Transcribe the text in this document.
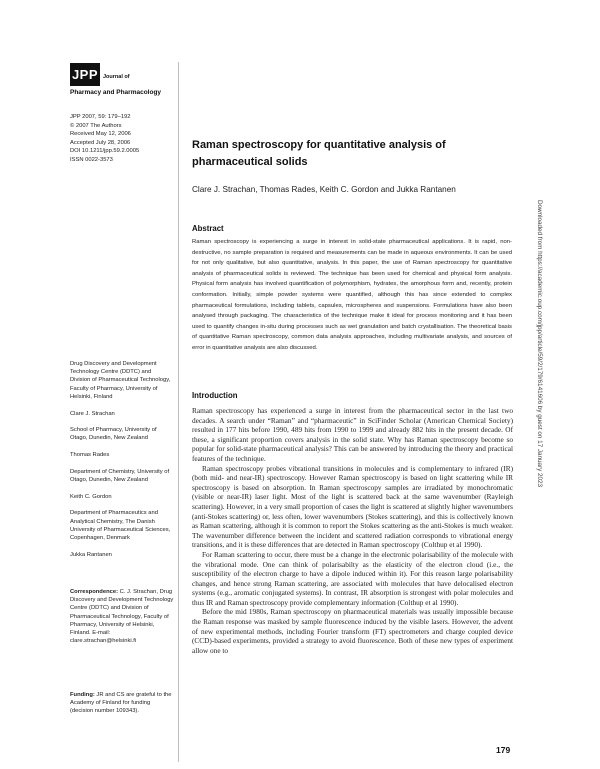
JPP Journal of
Pharmacy and Pharmacology
JPP 2007, 59: 179–192
© 2007 The Authors
Received May 12, 2006
Accepted July 28, 2006
DOI 10.1211/jpp.59.2.0005
ISSN 0022-3573
Raman spectroscopy for quantitative analysis of pharmaceutical solids
Clare J. Strachan, Thomas Rades, Keith C. Gordon and Jukka Rantanen
Abstract
Raman spectroscopy is experiencing a surge in interest in solid-state pharmaceutical applications. It is rapid, non-destructive, no sample preparation is required and measurements can be made in aqueous environments. It can be used for not only qualitative, but also quantitative, analysis. In this paper, the use of Raman spectroscopy for quantitative analysis of pharmaceutical solids is reviewed. The technique has been used for chemical and physical form analysis. Physical form analysis has involved quantification of polymorphism, hydrates, the amorphous form and, recently, protein conformation. Initially, simple powder systems were quantified, although this has since extended to complex pharmaceutical formulations, including tablets, capsules, microspheres and suspensions. Formulations have also been analysed through packaging. The characteristics of the technique make it ideal for process monitoring and it has been used to quantify changes in-situ during processes such as wet granulation and batch crystallisation. The theoretical basis of quantitative Raman spectroscopy, common data analysis approaches, including multivariate analysis, and sources of error in quantitative analysis are also discussed.
Drug Discovery and Development Technology Centre (DDTC) and Division of Pharmaceutical Technology, Faculty of Pharmacy, University of Helsinki, Finland
Clare J. Strachan
School of Pharmacy, University of Otago, Dunedin, New Zealand
Thomas Rades
Department of Chemistry, University of Otago, Dunedin, New Zealand
Keith C. Gordon
Department of Pharmaceutics and Analytical Chemistry, The Danish University of Pharmaceutical Sciences, Copenhagen, Denmark
Jukka Rantanen
Correspondence: C. J. Strachan, Drug Discovery and Development Technology Centre (DDTC) and Division of Pharmaceutical Technology, Faculty of Pharmacy, University of Helsinki, Finland. E-mail: clare.strachan@helsinki.fi
Funding: JR and CS are grateful to the Academy of Finland for funding (decision number 109343).
Introduction

Raman spectroscopy has experienced a surge in interest from the pharmaceutical sector in the last two decades. A search under “Raman” and “pharmaceutic” in SciFinder Scholar (American Chemical Society) resulted in 177 hits before 1990, 489 hits from 1990 to 1999 and already 882 hits in the present decade. Of these, a significant proportion covers analysis in the solid state. Why has Raman spectroscopy become so popular for solid-state pharmaceutical analysis? This can be answered by introducing the theory and practical features of the technique.

Raman spectroscopy probes vibrational transitions in molecules and is complementary to infrared (IR) (both mid- and near-IR) spectroscopy. However Raman spectroscopy is based on light scattering while IR spectroscopy is based on absorption. In Raman spectroscopy samples are irradiated by monochromatic (visible or near-IR) laser light. Most of the light is scattered back at the same wavenumber (Rayleigh scattering). However, in a very small proportion of cases the light is scattered at slightly higher wavenumbers (anti-Stokes scattering) or, less often, lower wavenumbers (Stokes scattering), and this is collectively known as Raman scattering, although it is common to report the Stokes scattering as the anti-Stokes is much weaker. The wavenumber difference between the incident and scattered radiation corresponds to vibrational energy transitions, and it is these differences that are detected in Raman spectroscopy (Colthup et al 1990).

For Raman scattering to occur, there must be a change in the electronic polarisability of the molecule with the vibrational mode. One can think of polarisabilty as the elasticity of the electron cloud (i.e., the susceptibility of the electron charge to have a dipole induced within it). For this reason large polarisability changes, and hence strong Raman scattering, are associated with molecules that have delocalised electron systems (e.g., aromatic conjugated systems). In contrast, IR absorption is strongest with polar molecules and thus IR and Raman spectroscopy provide complementary information (Colthup et al 1990).

Before the mid 1980s, Raman spectroscopy on pharmaceutical materials was usually impossible because the Raman response was masked by sample fluorescence induced by the visible lasers. However, the advent of new experimental methods, including Fourier transform (FT) spectrometers and charge coupled device (CCD)-based experiments, provided a strategy to avoid fluorescence. Both of these new types of experiment allow one to

Downloaded from https://academic.oup.com/jpp/article/59/2/179/6141606 by guest on 17 January 2023
179
